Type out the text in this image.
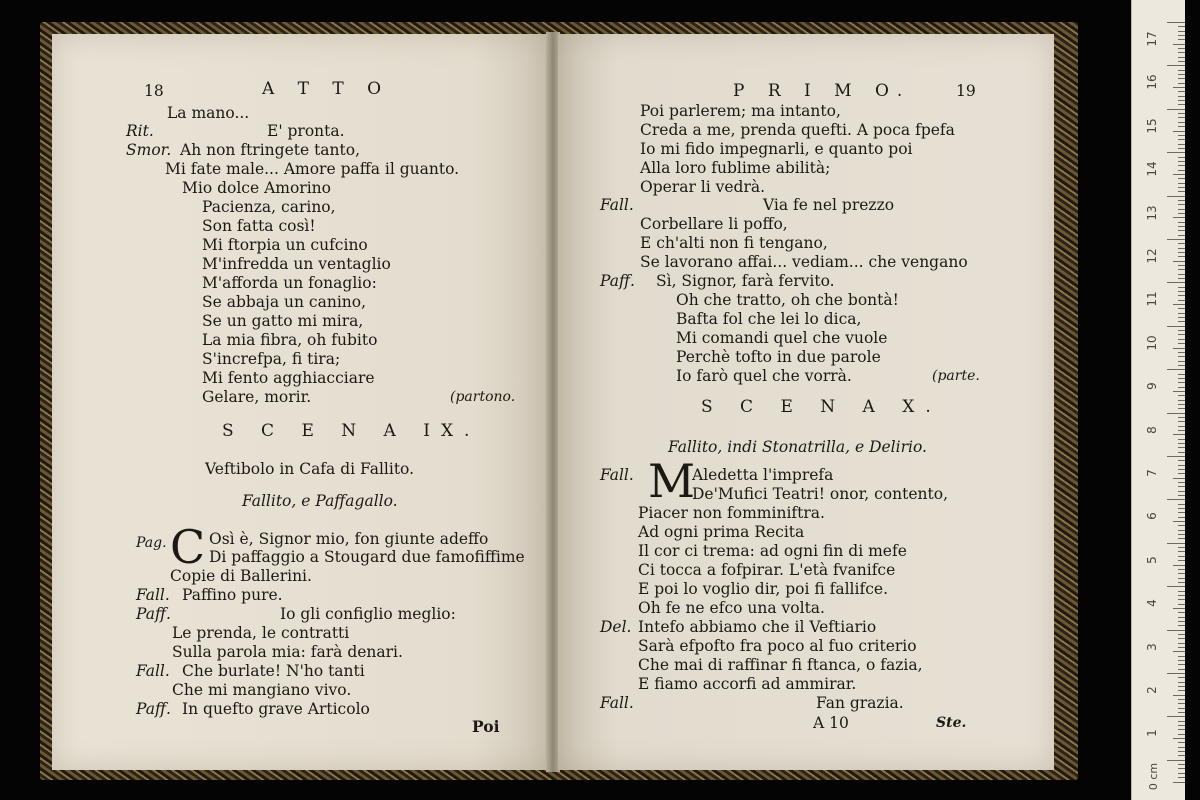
18	A T T O
La mano...
Rit.	E' pronta.
Smor. Ah non ftringete tanto,
Mi fate male... Amore paffa il guanto.
Mio dolce Amorino
Pacienza, carino,
Son fatta così!
Mi ftorpia un cufcino
M'infredda un ventaglio
M'afforda un fonaglio:
Se abbaja un canino,
Se un gatto mi mira,
La mia fibra, oh fubito
S'increfpa, fi tira;
Mi fento agghiacciare
Gelare, morir.	(partono.
S C E N A IX.
Veftibolo in Cafa di Fallito.
Fallito, e Paffagallo.
Pag. C Osì è, Signor mio, fon giunte adeffo
Di paffaggio a Stougard due famofiffime
Copie di Ballerini.
Fall. Paffino pure.
Paff.	Io gli configlio meglio:
Le prenda, le contratti
Sulla parola mia: farà denari.
Fall. Che burlate! N'ho tanti
Che mi mangiano vivo.
Paff. In quefto grave Articolo
Poi
P R I M O.	19
Poi parlerem; ma intanto,
Creda a me, prenda quefti. A poca fpefa
Io mi fido impegnarli, e quanto poi
Alla loro fublime abilità;
Operar li vedrà.
Fall.	Via fe nel prezzo
Corbellare li poffo,
E ch'alti non fi tengano,
Se lavorano affai... vediam... che vengano
Paff. Sì, Signor, farà fervito.
Oh che tratto, oh che bontà!
Bafta fol che lei lo dica,
Mi comandi quel che vuole
Perchè tofto in due parole
Io farò quel che vorrà.	(parte.
S C E N A X.
Fallito, indi Stonatrilla, e Delirio.
Fall. M
Aledetta l'imprefa
De'Mufici Teatri! onor, contento,
Piacer non fomminiftra.
Ad ogni prima Recita
Il cor ci trema: ad ogni fin di mefe
Ci tocca a fofpirar. L'età fvanifce
E poi lo voglio dir, poi fi fallifce.
Oh fe ne efco una volta.
Del. Intefo abbiamo che il Veftiario
Sarà efpofto fra poco al fuo criterio
Che mai di raffinar fi ftanca, o fazia,
E fiamo accorfi ad ammirar.
Fall.	Fan grazia.
A 10	Ste.
17
16
15
14
13
12
11
10
9
8
7
6
5
4
3
2
1
0 cm
